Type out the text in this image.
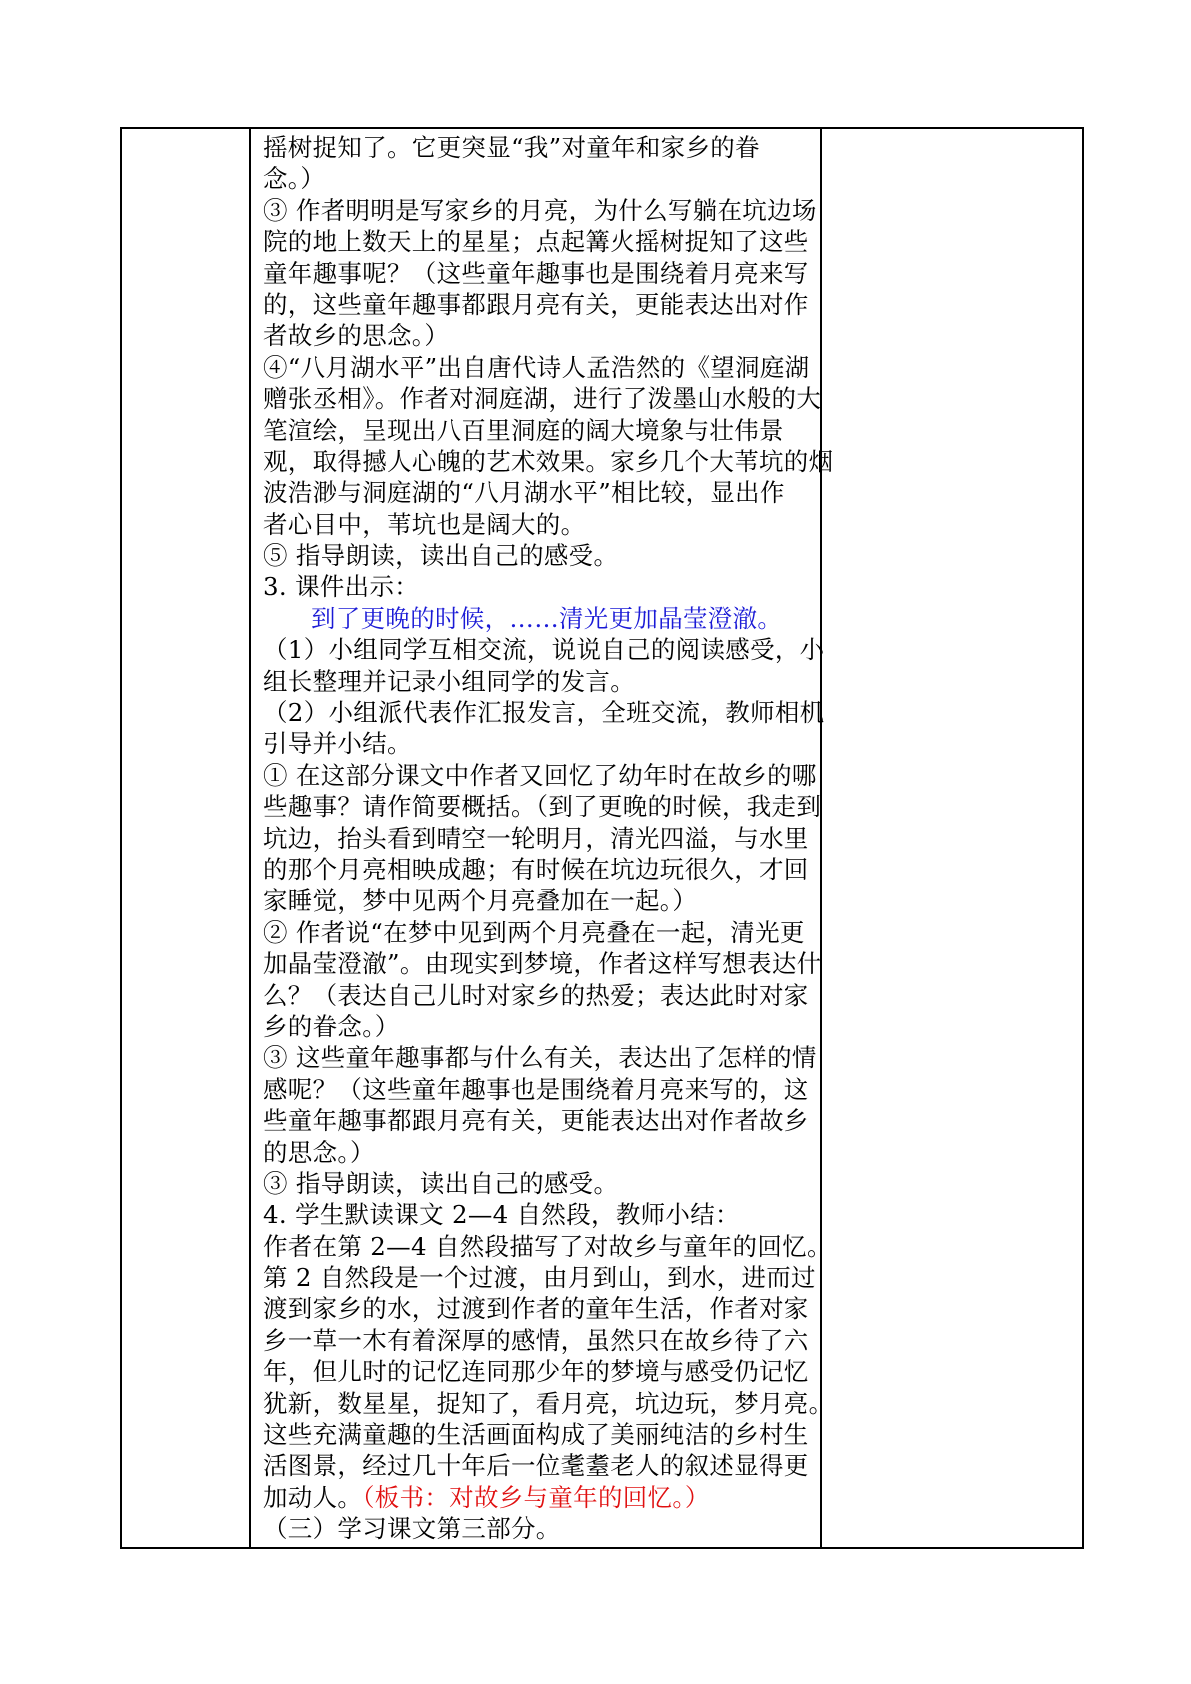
摇树捉知了。它更突显“我”对童年和家乡的眷
念。）
③ 作者明明是写家乡的月亮，为什么写躺在坑边场
院的地上数天上的星星；点起篝火摇树捉知了这些
童年趣事呢？（这些童年趣事也是围绕着月亮来写
的，这些童年趣事都跟月亮有关，更能表达出对作
者故乡的思念。）
④“八月湖水平”出自唐代诗人孟浩然的《望洞庭湖
赠张丞相》。作者对洞庭湖，进行了泼墨山水般的大
笔渲绘，呈现出八百里洞庭的阔大境象与壮伟景
观，取得撼人心魄的艺术效果。家乡几个大苇坑的烟
波浩渺与洞庭湖的“八月湖水平”相比较，显出作
者心目中，苇坑也是阔大的。
⑤ 指导朗读，读出自己的感受。
3. 课件出示：
到了更晚的时候，……清光更加晶莹澄澈。
（1）小组同学互相交流，说说自己的阅读感受，小
组长整理并记录小组同学的发言。
（2）小组派代表作汇报发言，全班交流，教师相机
引导并小结。
① 在这部分课文中作者又回忆了幼年时在故乡的哪
些趣事？请作简要概括。（到了更晚的时候，我走到
坑边，抬头看到晴空一轮明月，清光四溢，与水里
的那个月亮相映成趣；有时候在坑边玩很久，才回
家睡觉，梦中见两个月亮叠加在一起。）
② 作者说“在梦中见到两个月亮叠在一起，清光更
加晶莹澄澈”。由现实到梦境，作者这样写想表达什
么？（表达自己儿时对家乡的热爱；表达此时对家
乡的眷念。）
③ 这些童年趣事都与什么有关，表达出了怎样的情
感呢？（这些童年趣事也是围绕着月亮来写的，这
些童年趣事都跟月亮有关，更能表达出对作者故乡
的思念。）
③ 指导朗读，读出自己的感受。
4. 学生默读课文 2—4 自然段，教师小结：
作者在第 2—4 自然段描写了对故乡与童年的回忆。
第 2 自然段是一个过渡，由月到山，到水，进而过
渡到家乡的水，过渡到作者的童年生活，作者对家
乡一草一木有着深厚的感情，虽然只在故乡待了六
年，但儿时的记忆连同那少年的梦境与感受仍记忆
犹新，数星星，捉知了，看月亮，坑边玩，梦月亮。
这些充满童趣的生活画面构成了美丽纯洁的乡村生
活图景，经过几十年后一位耄耋老人的叙述显得更
加动人。（板书：对故乡与童年的回忆。）
（三）学习课文第三部分。
